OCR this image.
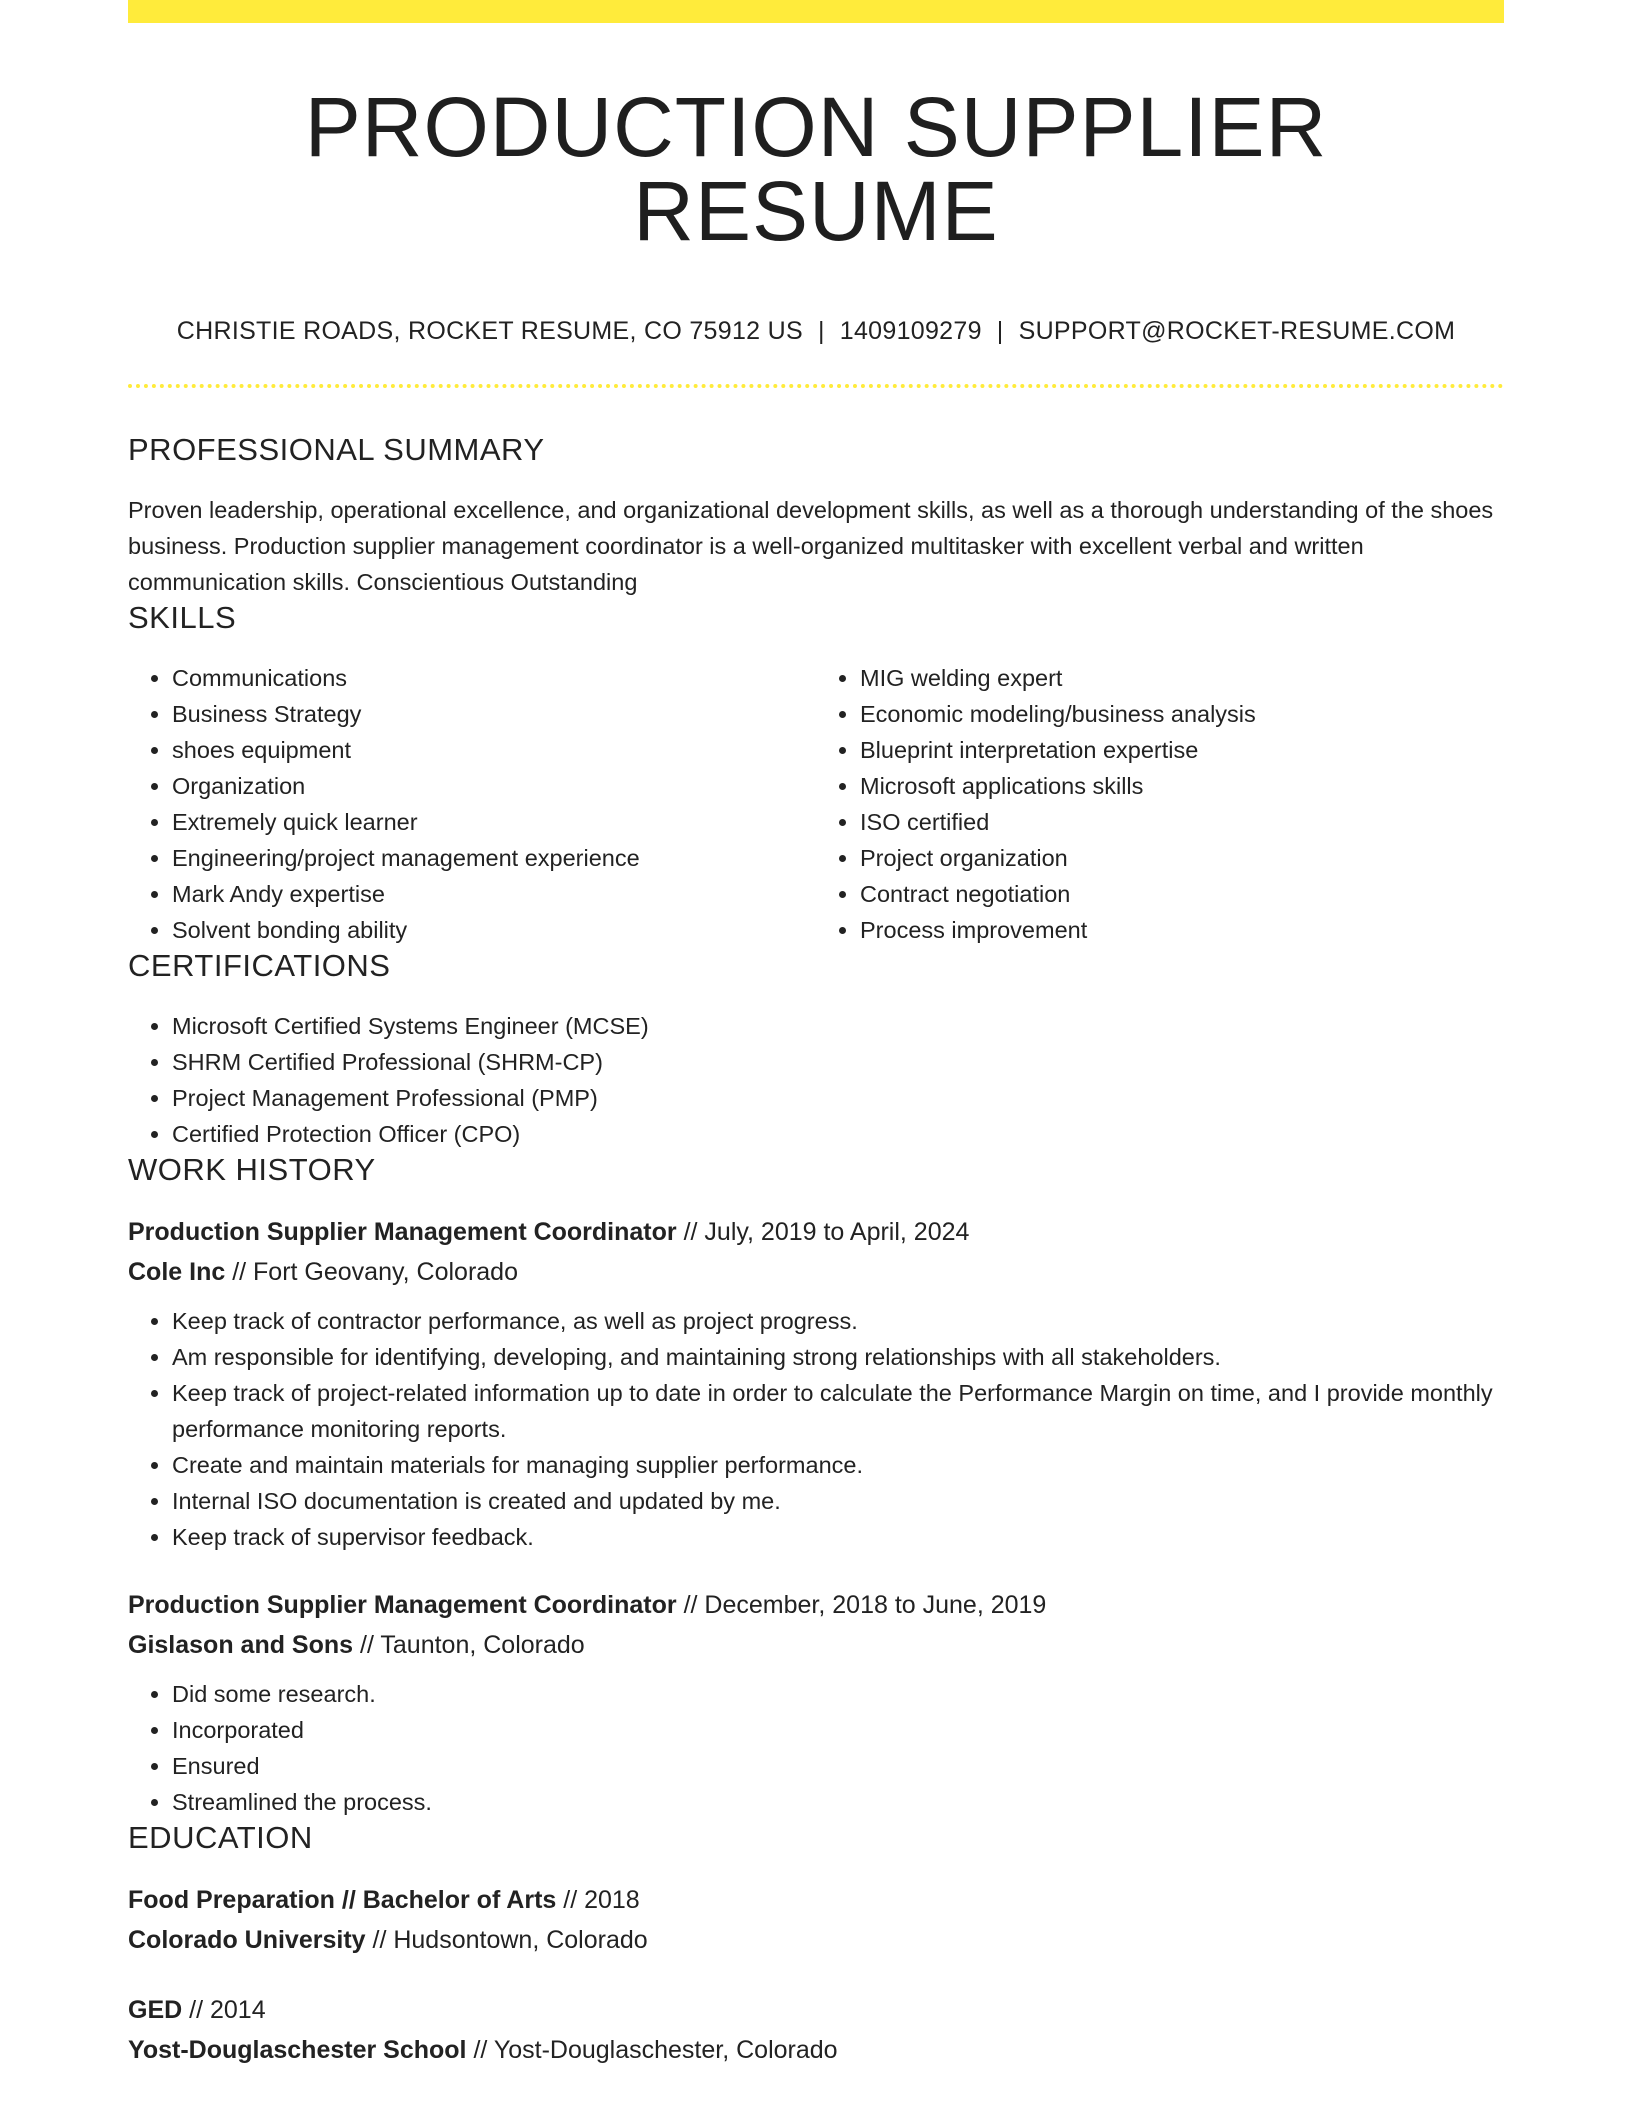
PRODUCTION SUPPLIER RESUME
CHRISTIE ROADS, ROCKET RESUME, CO 75912 US | 1409109279 | SUPPORT@ROCKET-RESUME.COM
PROFESSIONAL SUMMARY

Proven leadership, operational excellence, and organizational development skills, as well as a thorough understanding of the shoes business. Production supplier management coordinator is a well-organized multitasker with excellent verbal and written communication skills. Conscientious Outstanding

SKILLS
• Communications
• Business Strategy
• shoes equipment
• Organization
• Extremely quick learner
• Engineering/project management experience
• Mark Andy expertise
• Solvent bonding ability
• MIG welding expert
• Economic modeling/business analysis
• Blueprint interpretation expertise
• Microsoft applications skills
• ISO certified
• Project organization
• Contract negotiation
• Process improvement
CERTIFICATIONS
• Microsoft Certified Systems Engineer (MCSE)
• SHRM Certified Professional (SHRM-CP)
• Project Management Professional (PMP)
• Certified Protection Officer (CPO)
WORK HISTORY
Production Supplier Management Coordinator // July, 2019 to April, 2024
Cole Inc // Fort Geovany, Colorado
• Keep track of contractor performance, as well as project progress.
• Am responsible for identifying, developing, and maintaining strong relationships with all stakeholders.
• Keep track of project-related information up to date in order to calculate the Performance Margin on time, and I provide monthly performance monitoring reports.
• Create and maintain materials for managing supplier performance.
• Internal ISO documentation is created and updated by me.
• Keep track of supervisor feedback.
Production Supplier Management Coordinator // December, 2018 to June, 2019
Gislason and Sons // Taunton, Colorado
• Did some research.
• Incorporated
• Ensured
• Streamlined the process.
EDUCATION
Food Preparation // Bachelor of Arts // 2018
Colorado University // Hudsontown, Colorado
GED // 2014
Yost-Douglaschester School // Yost-Douglaschester, Colorado
